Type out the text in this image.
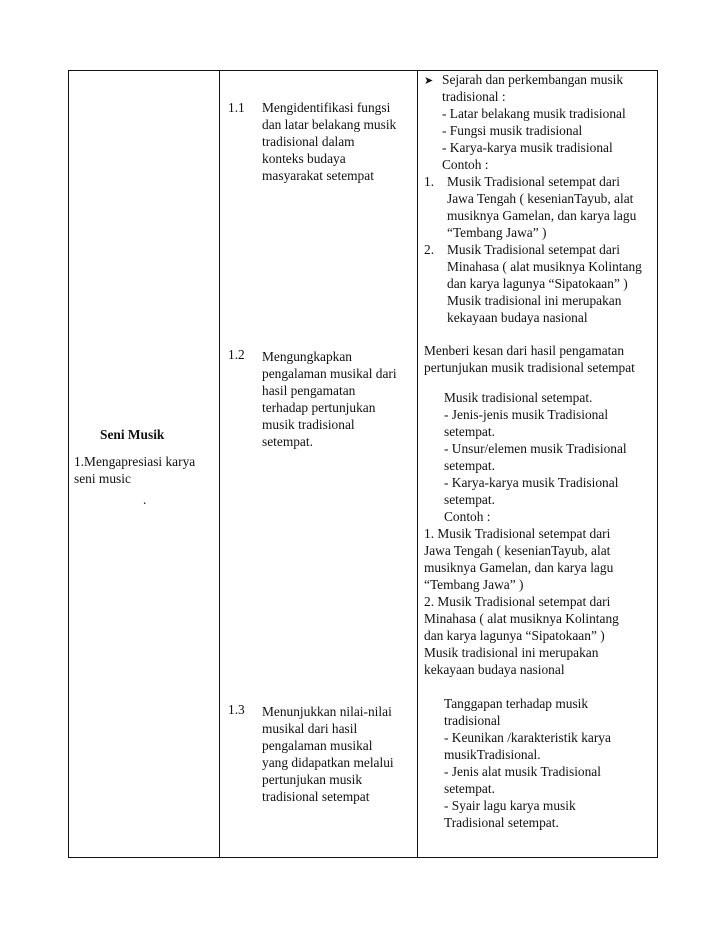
Seni Musik
1.Mengapresiasi karya
seni music
.
1.1 Mengidentifikasi fungsi
dan latar belakang musik
tradisional dalam
konteks budaya
masyarakat setempat
1.2 Mengungkapkan
pengalaman musikal dari
hasil pengamatan
terhadap pertunjukan
musik tradisional
setempat.
1.3 Menunjukkan nilai-nilai
musikal dari hasil
pengalaman musikal
yang didapatkan melalui
pertunjukan musik
tradisional setempat
➤ Sejarah dan perkembangan musik
tradisional :
- Latar belakang musik tradisional
- Fungsi musik tradisional
- Karya-karya musik tradisional
Contoh :
1. Musik Tradisional setempat dari
Jawa Tengah ( kesenianTayub, alat
musiknya Gamelan, dan karya lagu
“Tembang Jawa” )
2. Musik Tradisional setempat dari
Minahasa ( alat musiknya Kolintang
dan karya lagunya “Sipatokaan” )
Musik tradisional ini merupakan
kekayaan budaya nasional
Menberi kesan dari hasil pengamatan
pertunjukan musik tradisional setempat
Musik tradisional setempat.
- Jenis-jenis musik Tradisional
setempat.
- Unsur/elemen musik Tradisional
setempat.
- Karya-karya musik Tradisional
setempat.
Contoh :
1. Musik Tradisional setempat dari
Jawa Tengah ( kesenianTayub, alat
musiknya Gamelan, dan karya lagu
“Tembang Jawa” )
2. Musik Tradisional setempat dari
Minahasa ( alat musiknya Kolintang
dan karya lagunya “Sipatokaan” )
Musik tradisional ini merupakan
kekayaan budaya nasional
Tanggapan terhadap musik
tradisional
- Keunikan /karakteristik karya
musikTradisional.
- Jenis alat musik Tradisional
setempat.
- Syair lagu karya musik
Tradisional setempat.
